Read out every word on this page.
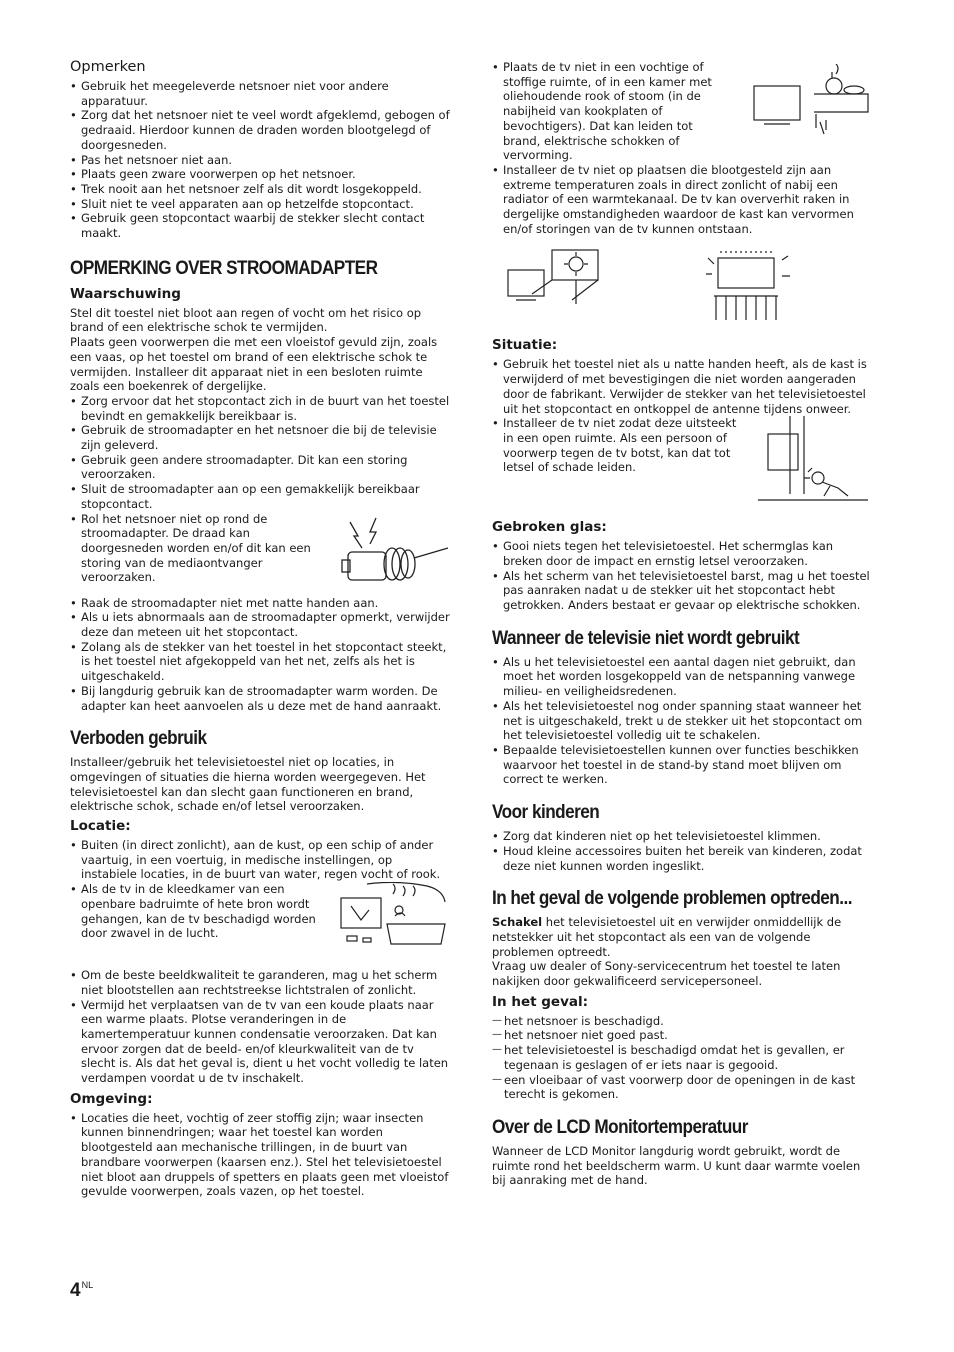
Opmerken
• Gebruik het meegeleverde netsnoer niet voor andere apparatuur.
• Zorg dat het netsnoer niet te veel wordt afgeklemd, gebogen of gedraaid. Hierdoor kunnen de draden worden blootgelegd of doorgesneden.
• Pas het netsnoer niet aan.
• Plaats geen zware voorwerpen op het netsnoer.
• Trek nooit aan het netsnoer zelf als dit wordt losgekoppeld.
• Sluit niet te veel apparaten aan op hetzelfde stopcontact.
• Gebruik geen stopcontact waarbij de stekker slecht contact maakt.
OPMERKING OVER STROOMADAPTER
Waarschuwing

Stel dit toestel niet bloot aan regen of vocht om het risico op brand of een elektrische schok te vermijden.

Plaats geen voorwerpen die met een vloeistof gevuld zijn, zoals een vaas, op het toestel om brand of een elektrische schok te vermijden. Installeer dit apparaat niet in een besloten ruimte zoals een boekenrek of dergelijke.

• Zorg ervoor dat het stopcontact zich in de buurt van het toestel bevindt en gemakkelijk bereikbaar is.
• Gebruik de stroomadapter en het netsnoer die bij de televisie zijn geleverd.
• Gebruik geen andere stroomadapter. Dit kan een storing veroorzaken.
• Sluit de stroomadapter aan op een gemakkelijk bereikbaar stopcontact.
• Rol het netsnoer niet op rond de stroomadapter. De draad kan doorgesneden worden en/of dit kan een storing van de mediaontvanger veroorzaken.
• Raak de stroomadapter niet met natte handen aan.
• Als u iets abnormaals aan de stroomadapter opmerkt, verwijder deze dan meteen uit het stopcontact.
• Zolang als de stekker van het toestel in het stopcontact steekt, is het toestel niet afgekoppeld van het net, zelfs als het is uitgeschakeld.
• Bij langdurig gebruik kan de stroomadapter warm worden. De adapter kan heet aanvoelen als u deze met de hand aanraakt.
Verboden gebruik

Installeer/gebruik het televisietoestel niet op locaties, in omgevingen of situaties die hierna worden weergegeven. Het televisietoestel kan dan slecht gaan functioneren en brand, elektrische schok, schade en/of letsel veroorzaken.

Locatie:
• Buiten (in direct zonlicht), aan de kust, op een schip of ander vaartuig, in een voertuig, in medische instellingen, op instabiele locaties, in de buurt van water, regen vocht of rook.
• Als de tv in de kleedkamer van een openbare badruimte of hete bron wordt gehangen, kan de tv beschadigd worden door zwavel in de lucht.
• Om de beste beeldkwaliteit te garanderen, mag u het scherm niet blootstellen aan rechtstreekse lichtstralen of zonlicht.
• Vermijd het verplaatsen van de tv van een koude plaats naar een warme plaats. Plotse veranderingen in de kamertemperatuur kunnen condensatie veroorzaken. Dat kan ervoor zorgen dat de beeld- en/of kleurkwaliteit van de tv slecht is. Als dat het geval is, dient u het vocht volledig te laten verdampen voordat u de tv inschakelt.
Omgeving:
• Locaties die heet, vochtig of zeer stoffig zijn; waar insecten kunnen binnendringen; waar het toestel kan worden blootgesteld aan mechanische trillingen, in de buurt van brandbare voorwerpen (kaarsen enz.). Stel het televisietoestel niet bloot aan druppels of spetters en plaats geen met vloeistof gevulde voorwerpen, zoals vazen, op het toestel.
• Plaats de tv niet in een vochtige of stoffige ruimte, of in een kamer met oliehoudende rook of stoom (in de nabijheid van kookplaten of bevochtigers). Dat kan leiden tot brand, elektrische schokken of vervorming.
• Installeer de tv niet op plaatsen die blootgesteld zijn aan extreme temperaturen zoals in direct zonlicht of nabij een radiator of een warmtekanaal. De tv kan oververhit raken in dergelijke omstandigheden waardoor de kast kan vervormen en/of storingen van de tv kunnen ontstaan.
Situatie:
• Gebruik het toestel niet als u natte handen heeft, als de kast is verwijderd of met bevestigingen die niet worden aangeraden door de fabrikant. Verwijder de stekker van het televisietoestel uit het stopcontact en ontkoppel de antenne tijdens onweer.
• Installeer de tv niet zodat deze uitsteekt in een open ruimte. Als een persoon of voorwerp tegen de tv botst, kan dat tot letsel of schade leiden.
Gebroken glas:
• Gooi niets tegen het televisietoestel. Het schermglas kan breken door de impact en ernstig letsel veroorzaken.
• Als het scherm van het televisietoestel barst, mag u het toestel pas aanraken nadat u de stekker uit het stopcontact hebt getrokken. Anders bestaat er gevaar op elektrische schokken.
Wanneer de televisie niet wordt gebruikt
• Als u het televisietoestel een aantal dagen niet gebruikt, dan moet het worden losgekoppeld van de netspanning vanwege milieu- en veiligheidsredenen.
• Als het televisietoestel nog onder spanning staat wanneer het net is uitgeschakeld, trekt u de stekker uit het stopcontact om het televisietoestel volledig uit te schakelen.
• Bepaalde televisietoestellen kunnen over functies beschikken waarvoor het toestel in de stand-by stand moet blijven om correct te werken.
Voor kinderen
• Zorg dat kinderen niet op het televisietoestel klimmen.
• Houd kleine accessoires buiten het bereik van kinderen, zodat deze niet kunnen worden ingeslikt.
In het geval de volgende problemen optreden...

Schakel het televisietoestel uit en verwijder onmiddellijk de netstekker uit het stopcontact als een van de volgende problemen optreedt.

Vraag uw dealer of Sony-servicecentrum het toestel te laten nakijken door gekwalificeerd servicepersoneel.

In het geval:
— het netsnoer is beschadigd.
— het netsnoer niet goed past.
— het televisietoestel is beschadigd omdat het is gevallen, er tegenaan is geslagen of er iets naar is gegooid.
— een vloeibaar of vast voorwerp door de openingen in de kast terecht is gekomen.
Over de LCD Monitortemperatuur

Wanneer de LCD Monitor langdurig wordt gebruikt, wordt de ruimte rond het beeldscherm warm. U kunt daar warmte voelen bij aanraking met de hand.

$4^{NL}$
